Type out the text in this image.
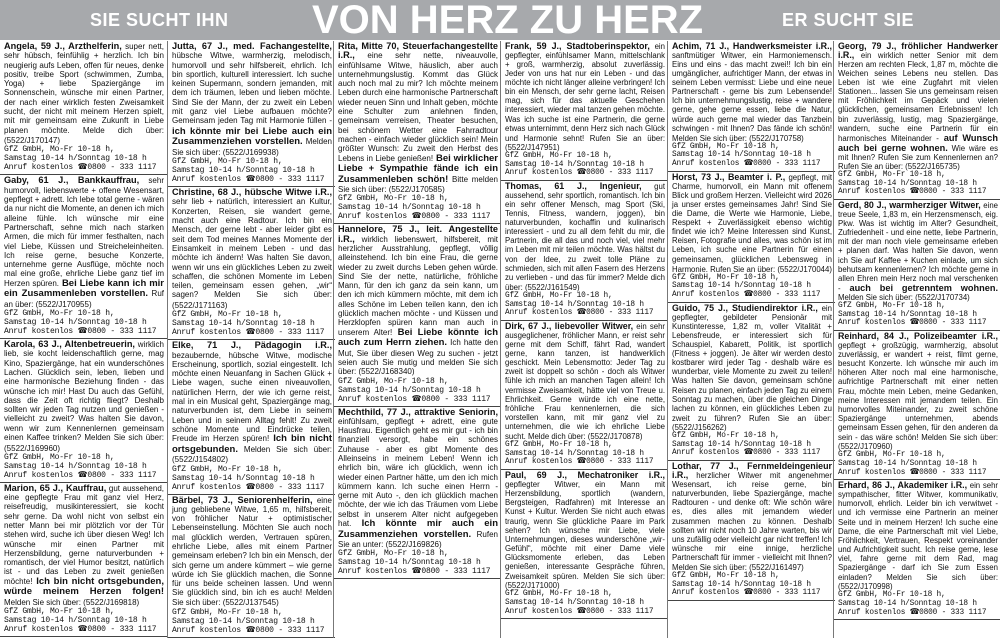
SIE SUCHT IHN VON HERZ ZU HERZ	ER SUCHT SIE
Angela, 59 J., Arzthelferin, super nett, sehr hübsch, feinfühlig + herzlich. Ich bin neugierig aufs Leben, offen für neues, denke positiv, treibe Sport (schwimmen, Zumba, Yoga) + liebe Spaziergänge im Sonnenschein, wünsche mir einen Partner, der nach einer wirklich festen Zweisamkeit sucht, der nicht mit meinem Herzen spielt, mit mir gemeinsam eine Zukunft in Liebe planen möchte. Melde dich über: (5522/J170147)
GfZ GmbH, Mo-Fr 10-18 h,
Samstag 10-14 h/Sonntag 10-18 h
Anruf kostenlos ☎0800 - 333 1117
Gaby, 61 J., Bankkauffrau, sehr humorvoll, liebenswerte + offene Wesensart, gepflegt + adrett. Ich lebe total gerne - wären da nur nicht die Momente, an denen ich mich alleine fühle. Ich wünsche mir eine Partnerschaft, sehne mich nach starken Armen, die mich für immer festhalten, nach viel Liebe, Küssen und Streicheleinheiten. Ich reise gerne, besuche Konzerte, unternehme gerne Ausflüge, möchte noch mal eine große, ehrliche Liebe ganz tief im Herzen spüren. Bei Liebe kann ich mir ein Zusammenleben vorstellen. Ruf an über: (5522/J170955)
GfZ GmbH, Mo-Fr 10-18 h,
Samstag 10-14 h/Sonntag 10-18 h
Anruf kostenlos ☎0800 - 333 1117
Karola, 63 J., Altenbetreuerin, wirklich lieb, sie kocht leidenschaftlich gerne, mag Kino, Spaziergänge, hat ein wunderschönes Lachen. Glücklich sein, leben, lieben und eine harmonische Beziehung finden - das wünsche ich mir! Hast Du auch das Gefühl, dass die Zeit oft richtig fliegt? Deshalb sollten wir jeden Tag nutzen und genießen - vielleicht zu zweit? Was halten Sie davon, wenn wir zum Kennenlernen gemeinsam einen Kaffee trinken? Melden Sie sich über: (5522/J169960)
GfZ GmbH, Mo-Fr 10-18 h,
Samstag 10-14 h/Sonntag 10-18 h
Anruf kostenlos ☎0800 - 333 1117
Marion, 65 J., Kauffrau, gut aussehend, eine gepflegte Frau mit ganz viel Herz, reisefreudig, musikinteressiert, sie kocht sehr gerne. Da wohl nicht von selbst ein netter Mann bei mir plötzlich vor der Tür stehen wird, suche ich über diesen Weg! Ich wünsche mir einen Partner mit Herzensbildung, gerne naturverbunden + romantisch, der viel Humor besitzt, natürlich ist - und das Leben zu zweit genießen möchte! Ich bin nicht ortsgebunden, würde meinem Herzen folgen! Melden Sie sich über: (5522/J169818)
GfZ GmbH, Mo-Fr 10-18 h,
Samstag 10-14 h/Sonntag 10-18 h
Anruf kostenlos ☎0800 - 333 1117
Jutta, 67 J., med. Fachangestellte, hübsche Witwe, warmherzig, melodisch, humorvoll und sehr hilfsbereit, ehrlich. Ich bin sportlich, kulturell interessiert. Ich suche keinen Supermann, sondern jemanden, mit dem ich träumen, leben und lieben möchte. Sind Sie der Mann, der zu zweit ein Leben mit ganz viel Liebe aufbauen möchte? Gemeinsam jeden Tag mit Harmonie füllen - ich könnte mir bei Liebe auch ein Zusammenziehen vorstellen. Melden Sie sich über: (5522/J169938)
GfZ GmbH, Mo-Fr 10-18 h,
Samstag 10-14 h/Sonntag 10-18 h
Anruf kostenlos ☎0800 - 333 1117
Christine, 68 J., hübsche Witwe i.R., sehr lieb + natürlich, interessiert an Kultur, Konzerten, Reisen, sie wandert gerne, macht auch eine Radtour. Ich bin ein Mensch, der gerne lebt - aber leider gibt es seit dem Tod meines Mannes Momente der Einsamkeit in meinem Leben - und das möchte ich ändern! Was halten Sie davon, wenn wir uns ein glückliches Leben zu zweit schaffen, die schönen Momente im Leben teilen, gemeinsam essen gehen, „wir“ sagen? Melden Sie sich über: (5522/J171163)
GfZ GmbH, Mo-Fr 10-18 h,
Samstag 10-14 h/Sonntag 10-18 h
Anruf kostenlos ☎0800 - 333 1117
Elke, 71 J., Pädagogin i.R., bezaubernde, hübsche Witwe, modische Erscheinung, sportlich, sozial eingestellt. Ich möchte einen Neuanfang in Sachen Glück + Liebe wagen, suche einen niveauvollen, natürlichen Herrn, der wie ich gerne reist, mal in ein Musical geht, Spaziergänge mag, naturverbunden ist, dem Liebe in seinem Leben und in seinem Alltag fehlt! Zu zweit schöne Momente und Eindrücke teilen, Freude im Herzen spüren! Ich bin nicht ortsgebunden. Melden Sie sich über: (5522/J154802)
GfZ GmbH, Mo-Fr 10-18 h,
Samstag 10-14 h/Sonntag 10-18 h
Anruf kostenlos ☎0800 - 333 1117
Bärbel, 73 J., Seniorenhelferin, eine jung gebliebene Witwe, 1,65 m, hilfsbereit, von fröhlicher Natur + optimistischer Lebenseinstellung. Möchten Sie auch noch mal glücklich werden, Vertrauen spüren, ehrliche Liebe, alles mit einem Partner gemeinsam erleben? Ich bin ein Mensch, der sich gerne um andere kümmert – wie gerne würde ich Sie glücklich machen, die Sonne für uns beide scheinen lassen. Und wenn Sie glücklich sind, bin ich es auch! Melden Sie sich über: (5522/J137545)
GfZ GmbH, Mo-Fr 10-18 h,
Samstag 10-14 h/Sonntag 10-18 h
Anruf kostenlos ☎0800 - 333 1117
Rita, Mitte 70, Steuerfachangestellte i.R., eine sehr nette, niveauvolle, einfühlsame Witwe, häuslich, aber auch unternehmungslustig. Kommt das Glück auch noch mal zu mir? Ich möchte meinem Leben durch eine harmonische Partnerschaft wieder neuen Sinn und Inhalt geben, möchte eine Schulter zum anlehnen finden, gemeinsam verreisen, Theater besuchen, bei schönem Wetter eine Fahrradtour machen - einfach wieder glücklich sein! Mein größter Wunsch: Zu zweit den Herbst des Lebens in Liebe genießen! Bei wirklicher Liebe + Sympathie fände ich ein Zusammenleben schön! Bitte melden Sie sich über: (5522/J170585)
GfZ GmbH, Mo-Fr 10-18 h,
Samstag 10-14 h/Sonntag 10-18 h
Anruf kostenlos ☎0800 - 333 1117
Hannelore, 75 J., leit. Angestellte i.R., wirklich liebenswert, hilfsbereit, mit herzlicher Ausstrahlung, gepflegt, völlig alleinstehend. Ich bin eine Frau, die gerne wieder zu zweit durchs Leben gehen würde. Sind Sie der nette, natürliche, fröhliche Mann, für den ich ganz da sein kann, um den ich mich kümmern möchte, mit dem ich alles Schöne im Leben teilen kann, den ich glücklich machen möchte - und Küssen und Herzklopfen spüren kann man auch in unserem Alter! Bei Liebe könnte ich auch zum Herrn ziehen. Ich hatte den Mut, Sie über diesen Weg zu suchen - jetzt seien auch Sie mutig und melden Sie sich über: (5522/J168340)
GfZ GmbH, Mo-Fr 10-18 h,
Samstag 10-14 h/Sonntag 10-18 h
Anruf kostenlos ☎0800 - 333 1117
Mechthild, 77 J., attraktive Seniorin, einfühlsam, gepflegt + adrett, eine gute Hausfrau. Eigentlich geht es mir gut - ich bin finanziell versorgt, habe ein schönes Zuhause - aber es gibt Momente des Alleinseins in meinem Leben! Wenn ich ehrlich bin, wäre ich glücklich, wenn ich wieder einen Partner hätte, um den ich mich kümmern kann. Ich suche einen Herrn - gerne mit Auto -, den ich glücklich machen möchte, der wie ich das Träumen vom Liebe selbst in unserem Alter nicht aufgegeben hat. Ich könnte mir auch ein Zusammenziehen vorstellen. Rufen Sie an unter: (5522/J169826)
GfZ GmbH, Mo-Fr 10-18 h,
Samstag 10-14 h/Sonntag 10-18 h
Anruf kostenlos ☎0800 - 333 1117
Frank, 59 J., Stadtoberinspektor, ein gepflegter, einfühlsamer Mann, mittelschlank + groß, warmherzig, absolut zuverlässig. Jeder von uns hat nur ein Leben - und das möchte ich nicht länger alleine verbringen! Ich bin ein Mensch, der sehr gerne lacht, Reisen mag, sich für das aktuelle Geschehen interessiert, wieder mal tanzen gehen möchte. Was ich suche ist eine Partnerin, die gerne etwas unternimmt, denn Herz sich nach Glück und Harmonie sehnt! Rufen Sie an über: (5522/J147951)
GfZ GmbH, Mo-Fr 10-18 h,
Samstag 10-14 h/Sonntag 10-18 h
Anruf kostenlos ☎0800 - 333 1117
Thomas, 61 J., Ingenieur, gut aussehend, sehr sportlich, romantisch. Ich bin ein sehr offener Mensch, mag Sport (Ski, Tennis, Fitness, wandern, joggen), bin naturverbunden, kochaffin und kulinarisch interessiert - und zu all dem fehlt du mir, die Partnerin, die all das und noch viel, viel mehr im Leben mit mir teilen möchte. Was hältst du von der Idee, zu zweit tolle Pläne zu schmieden, sich mit allen Fasern des Herzens zu verlieben - und das für immer? Melde dich über: (5522/J161549)
GfZ GmbH, Mo-Fr 10-18 h,
Samstag 10-14 h/Sonntag 10-18 h
Anruf kostenlos ☎0800 - 333 1117
Dirk, 67 J., liebevoller Witwer, ein sehr ausgeglichener, fröhlicher Mann, er reist sehr gerne mit dem Schiff, fährt Rad, wandert gerne, kann tanzen, ist handwerklich geschickt. Mein Lebensmotto: Jeder Tag zu zweit ist doppelt so schön - doch als Witwer fühle ich mich an manchen Tagen allein! Ich vermisse Zweisamkeit, hätte viel von Treue u. Ehrlichkeit. Gerne würde ich eine nette, fröhliche Frau kennenlernen, die sich vorstellen kann, mit mir ganz viel zu unternehmen, die wie ich ehrliche Liebe sucht. Melde dich über: (5522/J170878)
GfZ GmbH, Mo-Fr 10-18 h,
Samstag 10-14 h/Sonntag 10-18 h
Anruf kostenlos ☎0800 - 333 1117
Paul, 69 J., Mechatroniker i.R., gepflegter Witwer, ein Mann mit Herzensbildung, sportlich (wandern, Bergsteigen, Radfahren) mit Interesse an Kunst + Kultur. Werden Sie nicht auch etwas traurig, wenn Sie glückliche Paare im Park sehen? Ich wünsche mir Liebe, viele Unternehmungen, dieses wunderschöne „wir-Gefühl“, möchte mit einer Dame viele Glücksmomente erleben, das Leben genießen, interessante Gespräche führen, Zweisamkeit spüren. Melden Sie sich über: (5522/J171000)
GfZ GmbH, Mo-Fr 10-18 h,
Samstag 10-14 h/Sonntag 10-18 h
Anruf kostenlos ☎0800 - 333 1117
Achim, 71 J., Handwerksmeister i.R., sanftmütiger Witwer, ein Harmoniemensch. Eins und eins - das macht zwei!! Ich bin ein umgänglicher, aufrichtiger Mann, der etwas in seinem Leben vermisst: Liebe und eine neue Partnerschaft - gerne bis zum Lebensende! Ich bin unternehmungslustig, reise + wandere gerne, gehe gerne essen, liebe die Natur, würde auch gerne mal wieder das Tanzbein schwingen - mit Ihnen? Das fände ich schön! Melden Sie sich über: (5522/J170758)
GfZ GmbH, Mo-Fr 10-18 h,
Samstag 10-14 h/Sonntag 10-18 h
Anruf kostenlos ☎0800 - 333 1117
Horst, 73 J., Beamter i. P., gepflegt, mit Charme, humorvoll, ein Mann mit offenem Blick und großem Herzen. Vielleicht wird 2026 ja unser erstes gemeinsames Jahr! Sind Sie die Dame, die Werte wie Harmonie, Liebe, Respekt + Zuverlässigkeit ebenso wichtig findet wie ich? Meine Interessen sind Kunst, Reisen, Fotografie und alles, was schön ist im Leben, ich suche eine Partnerin für einen gemeinsamen, glücklichen Lebensweg in Harmonie. Rufen Sie an über: (5522/J170044)
GfZ GmbH, Mo-Fr 10-18 h,
Samstag 10-14 h/Sonntag 10-18 h
Anruf kostenlos ☎0800 - 333 1117
Guido, 75 J., Studiendirektor i.R., ein gepflegter, gebildeter Pensionär mit Kunstinteresse, 1,82 m, voller Vitalität + Lebensfreude, er interessiert sich für Schauspiel, Kabarett, Politik, ist sportlich (Fitness + joggen). Je älter wir werden desto kostbarer wird jeder Tag - deshalb wäre es wunderbar, viele Momente zu zweit zu teilen! Was halten Sie davon, gemeinsam schöne Reisen zu planen, einfach jeden Tag zu einem Sonntag zu machen, über die gleichen Dinge lachen zu können, ein glückliches Leben zu zweit zu führen? Rufen Sie an über: (5522/J156262)
GfZ GmbH, Mo-Fr 10-18 h,
Samstag 10-14 h/Sonntag 10-18 h
Anruf kostenlos ☎0800 - 333 1117
Lothar, 77 J., Fernmeldeingenieur i.R., herzlicher Witwer mit angenehmer Wesensart, ich reise gerne, bin naturverbunden, liebe Spaziergänge, mache Radtouren - und denke oft: Wie schön wäre es, dies alles mit jemandem wieder zusammen machen zu können. Deshalb sollten wir nicht noch 10 Jahre warten, bis wir uns zufällig oder vielleicht gar nicht treffen! Ich wünsche mir eine innige, herzliche Partnerschaft für immer - vielleicht mit Ihnen? Melden Sie sich über: (5522/J161497)
GfZ GmbH, Mo-Fr 10-18 h,
Samstag 10-14 h/Sonntag 10-18 h
Anruf kostenlos ☎0800 - 333 1117
Georg, 79 J., fröhlicher Handwerker i.R., ein wirklich netter Senior mit dem Herzen am rechten Fleck, 1,87 m, möchte die Weichen seines Lebens neu stellen. Das Leben ist wie eine Zugfahrt mit vielen Stationen... lassen Sie uns gemeinsam reisen mit Fröhlichkeit im Gepäck und vielen glücklichen, gemeinsamen Erlebnissen! Ich bin zuverlässig, lustig, mag Spaziergänge, wandern, suche eine Partnerin für ein harmonisches Miteinander - auf Wunsch auch bei gerne wohnen. Wie wäre es mit Ihnen? Rufen Sie zum Kennenlernen an? Rufen Sie an über: (5522/J165735)
GfZ GmbH, Mo-Fr 10-18 h,
Samstag 10-14 h/Sonntag 10-18 h
Anruf kostenlos ☎0800 - 333 1117
Gerd, 80 J., warmherziger Witwer, eine treue Seele, 1,83 m, ein Herzensmensch, eig. Pkw. Was ist wichtig im Alter? Gesundheit, Zufriedenheit - und eine nette, liebe Partnerin, mit der man noch viele gemeinsame erleben + planen darf. Was halten Sie davon, wenn ich Sie auf Kaffee + Kuchen einlade, um sich behutsam kennenlernen? Ich möchte gerne in allen Ehren mein Herz noch mal verschenken - auch bei getrenntem wohnen. Melden Sie sich über: (5522/J170734)
GfZ GmbH, Mo-Fr 10-18 h,
Samstag 10-14 h/Sonntag 10-18 h
Anruf kostenlos ☎0800 - 333 1117
Reinhard, 84 J., Polizeibeamter i.R., gepflegt + großzügig, warmherzig, absolut zuverlässig, er wandert + reist, filmt gerne, besucht Konzerte. Ich wünsche mir auch im höheren Alter noch mal eine harmonische, aufrichtige Partnerschaft mit einer netten Frau, möchte mein Leben, meine Gedanken, meine Interessen mit jemandem teilen. Ein humorvolles Miteinander, zu zweit schöne Spaziergänge unternehmen, abends gemeinsam Essen gehen, für den anderen da sein - das wäre schön! Melden Sie sich über: (5522/J170960)
GfZ GmbH, Mo-Fr 10-18 h,
Samstag 10-14 h/Sonntag 10-18 h
Anruf kostenlos ☎0800 - 333 1117
Erhard, 86 J., Akademiker i.R., ein sehr sympathischer, fitter Witwer, kommunikativ, humorvoll, ehrlich. Leider bin ich verwitwet - und ich vermisse eine Partnerin an meiner Seite und in meinem Herzen! Ich suche eine Dame, die eine Partnerschaft mit viel Liebe, Fröhlichkeit, Vertrauen, Respekt voreinander und Aufrichtigkeit sucht. Ich reise gerne, lese viel, fahre gerne mit dem Rad, mag Spaziergänge - darf ich Sie zum Essen einladen? Melden Sie sich über: (5522/J170998)
GfZ GmbH, Mo-Fr 10-18 h,
Samstag 10-14 h/Sonntag 10-18 h
Anruf kostenlos ☎0800 - 333 1117
